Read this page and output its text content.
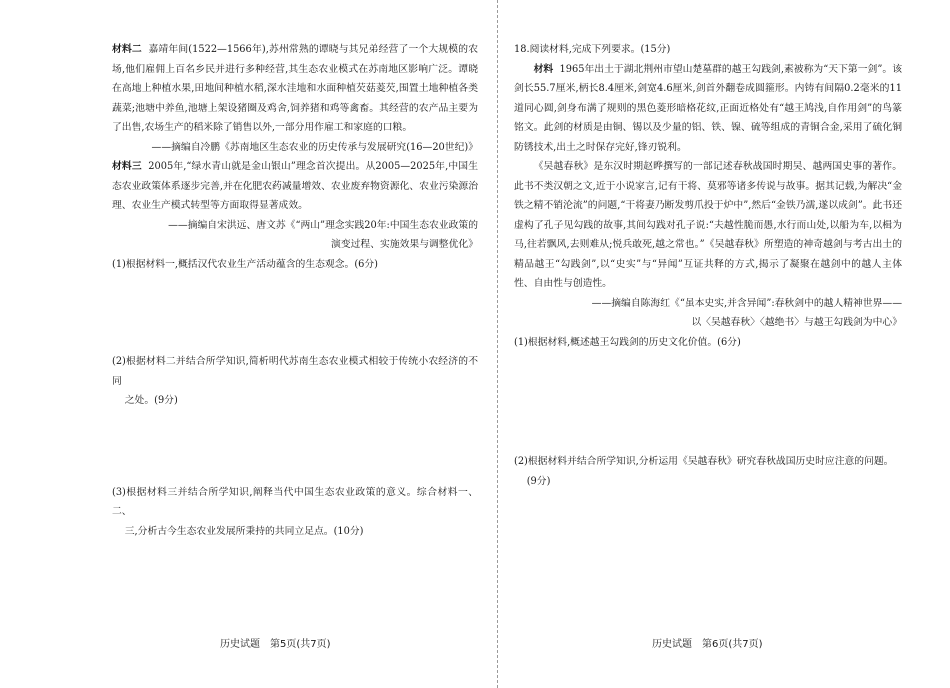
材料二 嘉靖年间(1522—1566年),苏州常熟的谭晓与其兄弟经营了一个大规模的农场,他们雇佣上百名乡民并进行多种经营,其生态农业模式在苏南地区影响广泛。谭晓在高地上种植水果,田地间种植水稻,深水洼地和水面种植芡菇菱芡,围置土地种植各类蔬菜;池塘中养鱼,池塘上架设猪圈及鸡舍,饲养猪和鸡等禽畜。其经营的农产品主要为了出售,农场生产的稻米除了销售以外,一部分用作雇工和家庭的口粮。

——摘编自冷鹏《苏南地区生态农业的历史传承与发展研究(16—20世纪)》

材料三 2005年,“绿水青山就是金山银山”理念首次提出。从2005—2025年,中国生态农业政策体系逐步完善,并在化肥农药减量增效、农业废弃物资源化、农业污染源治理、农业生产模式转型等方面取得显著成效。

——摘编自宋洪远、唐文苏《“两山”理念实践20年:中国生态农业政策的

演变过程、实施效果与调整优化》

(1)根据材料一,概括汉代农业生产活动蕴含的生态观念。(6分)

(2)根据材料二并结合所学知识,简析明代苏南生态农业模式相较于传统小农经济的不同
之处。(9分)

(3)根据材料三并结合所学知识,阐释当代中国生态农业政策的意义。综合材料一、二、
三,分析古今生态农业发展所秉持的共同立足点。(10分)

18.阅读材料,完成下列要求。(15分)

材料 1965年出土于湖北荆州市望山楚墓群的越王勾践剑,素被称为“天下第一剑”。该剑长55.7厘米,柄长8.4厘米,剑宽4.6厘米,剑首外翻卷成圆箍形。内铸有间隔0.2毫米的11道同心圆,剑身布满了规则的黑色菱形暗格花纹,正面近格处有“越王鸠浅,自作用剑”的鸟篆铭文。此剑的材质是由铜、锡以及少量的铝、铁、镍、硫等组成的青铜合金,采用了硫化铜防锈技术,出土之时保存完好,锋刃锐利。

《吴越春秋》是东汉时期赵晔撰写的一部记述春秋战国时期吴、越两国史事的著作。此书不类汉朝之文,近于小说家言,记有干将、莫邪等诸多传说与故事。据其记载,为解决“金铁之精不销沦流”的问题,“干将妻乃断发剪爪投于炉中”,然后“金铁乃濡,遂以成剑”。此书还虚构了孔子见勾践的故事,其间勾践对孔子说:“夫越性脆而愚,水行而山处,以船为车,以楫为马,往若飘风,去则难从;悦兵敢死,越之常也。”《吴越春秋》所塑造的神奇越剑与考古出土的精品越王“勾践剑”,以“史实”与“异闻”互证共释的方式,揭示了凝聚在越剑中的越人主体性、自由性与创造性。

——摘编自陈海红《“虽本史实,并含异闻”:春秋剑中的越人精神世界——

以〈吴越春秋〉〈越绝书〉与越王勾践剑为中心》

(1)根据材料,概述越王勾践剑的历史文化价值。(6分)

(2)根据材料并结合所学知识,分析运用《吴越春秋》研究春秋战国历史时应注意的问题。
(9分)

历史试题　第5页(共7页)	历史试题　第6页(共7页)
